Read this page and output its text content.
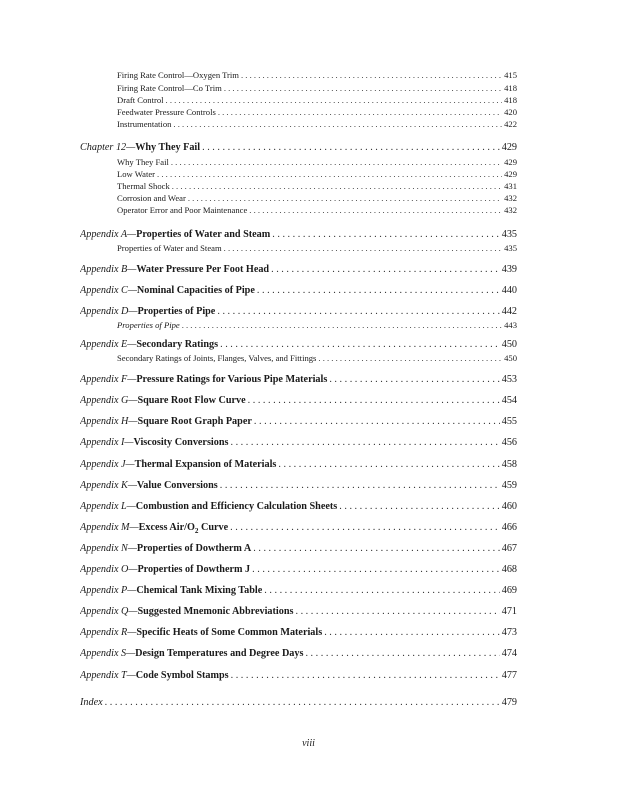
Firing Rate Control—Oxygen Trim . . .	415
Firing Rate Control—Co Trim . . .	418
Draft Control . . .	418
Feedwater Pressure Controls . . .	420
Instrumentation . . .	422
Chapter 12—Why They Fail . . .	429
Why They Fail . . .	429
Low Water . . .	429
Thermal Shock . . .	431
Corrosion and Wear . . .	432
Operator Error and Poor Maintenance . . .	432
Appendix A—Properties of Water and Steam . . .	435
Properties of Water and Steam . . .	435
Appendix B—Water Pressure Per Foot Head . . .	439
Appendix C—Nominal Capacities of Pipe . . .	440
Appendix D—Properties of Pipe . . .	442
Properties of Pipe . . .	443
Appendix E—Secondary Ratings . . .	450
Secondary Ratings of Joints, Flanges, Valves, and Fittings . . .	450
Appendix F—Pressure Ratings for Various Pipe Materials . . .	453
Appendix G—Square Root Flow Curve . . .	454
Appendix H—Square Root Graph Paper . . .	455
Appendix I—Viscosity Conversions . . .	456
Appendix J—Thermal Expansion of Materials . . .	458
Appendix K—Value Conversions . . .	459
Appendix L—Combustion and Efficiency Calculation Sheets . . .	460
Appendix M—Excess Air/$O_2$ Curve . . .	466
Appendix N—Properties of Dowtherm A . . .	467
Appendix O—Properties of Dowtherm J . . .	468
Appendix P—Chemical Tank Mixing Table . . .	469
Appendix Q—Suggested Mnemonic Abbreviations . . .	471
Appendix R—Specific Heats of Some Common Materials . . .	473
Appendix S—Design Temperatures and Degree Days . . .	474
Appendix T—Code Symbol Stamps . . .	477
Index . . .	479
viii
